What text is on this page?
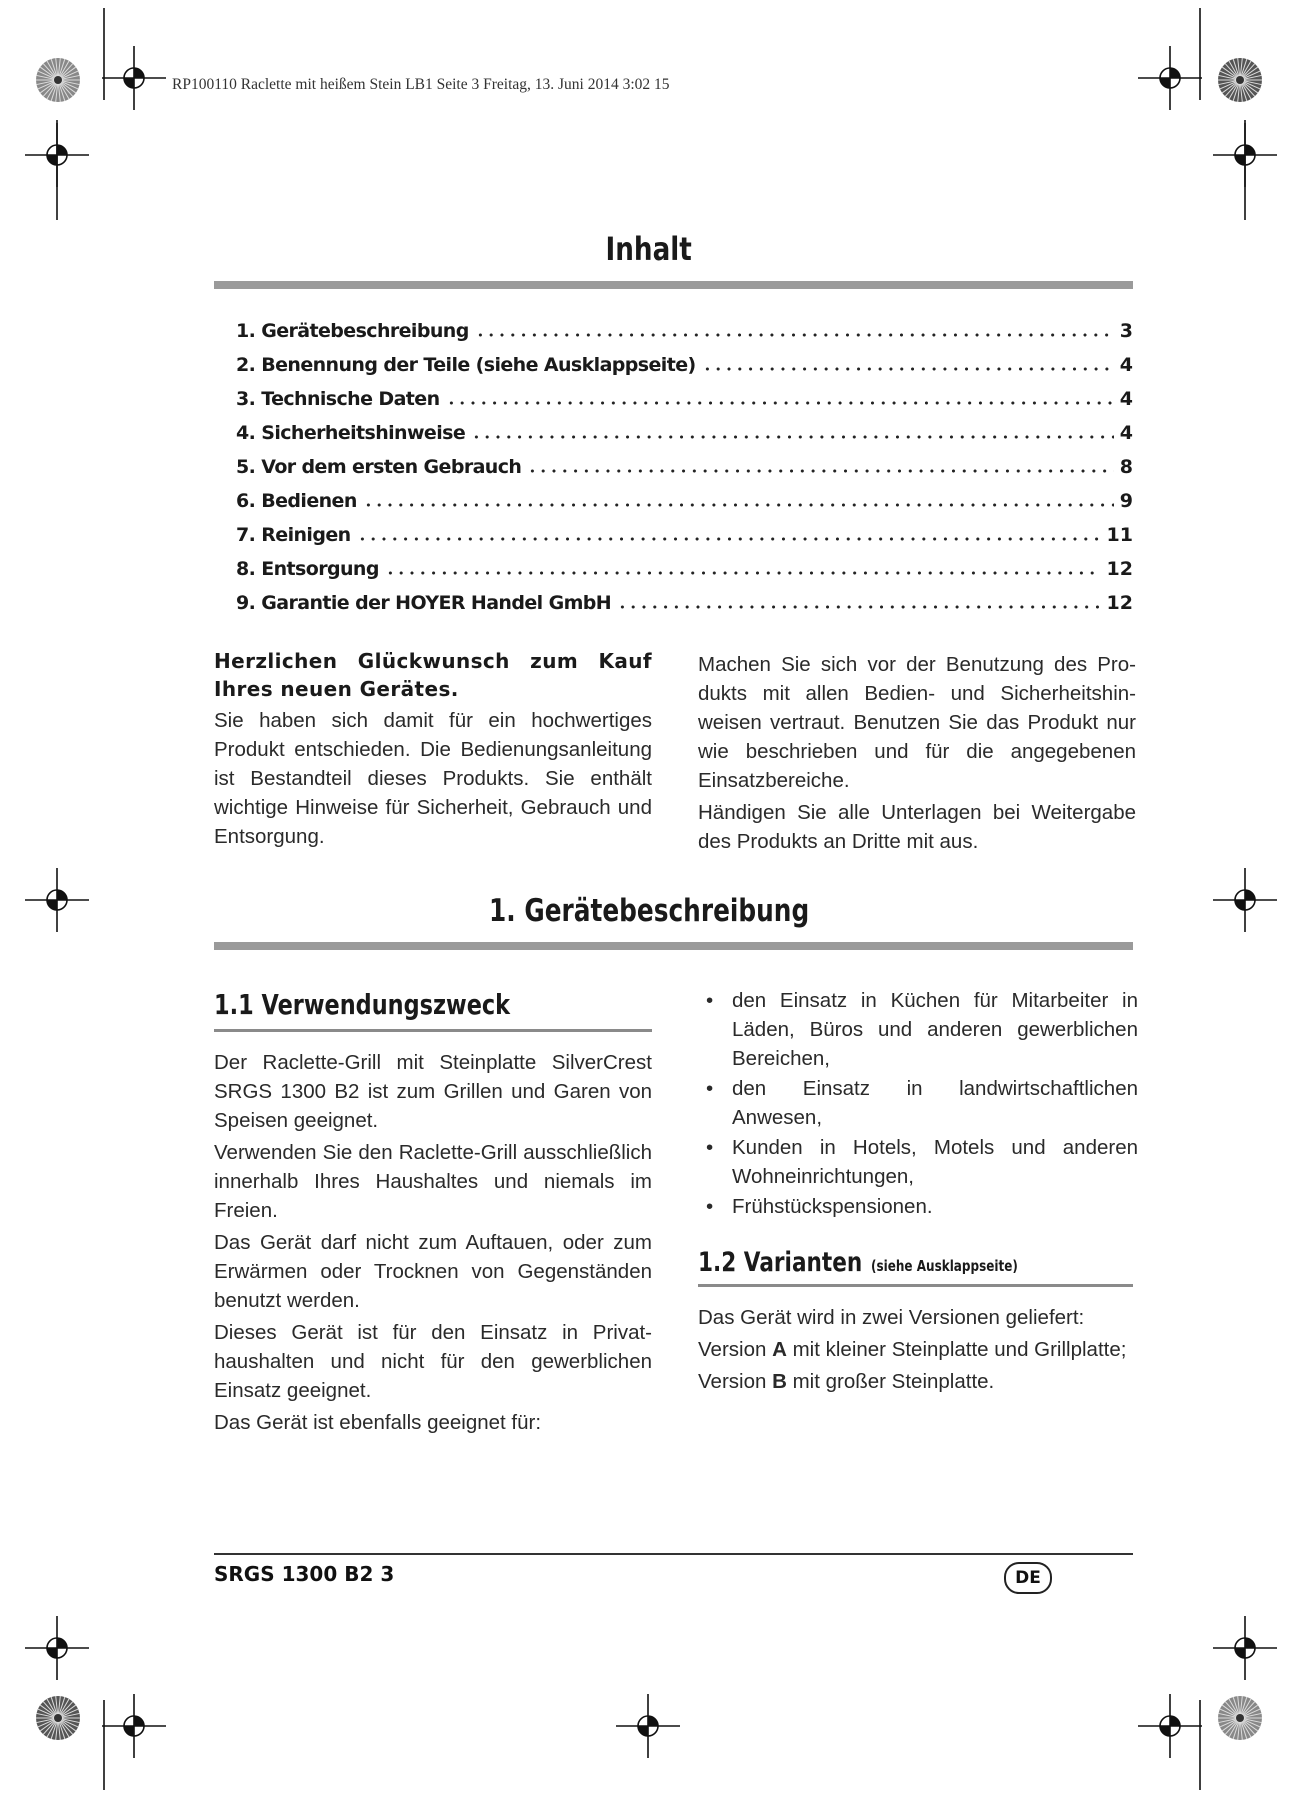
RP100110 Raclette mit heißem Stein LB1 Seite 3 Freitag, 13. Juni 2014 3:02 15
Inhalt
1. Gerätebeschreibung	3
2. Benennung der Teile (siehe Ausklappseite)	4
3. Technische Daten	4
4. Sicherheitshinweise	4
5. Vor dem ersten Gebrauch	8
6. Bedienen	9
7. Reinigen	11
8. Entsorgung	12
9. Garantie der HOYER Handel GmbH	12

Herzlichen Glückwunsch zum Kauf Ihres neuen Gerätes.

Sie haben sich damit für ein hochwertiges Produkt entschieden. Die Bedienungsanleitung ist Bestandteil dieses Produkts. Sie enthält wichtige Hinweise für Sicherheit, Gebrauch und Entsorgung.

Machen Sie sich vor der Benutzung des Produkts mit allen Bedien- und Sicherheitshinweisen vertraut. Benutzen Sie das Produkt nur wie beschrieben und für die angegebenen Einsatzbereiche.

Händigen Sie alle Unterlagen bei Weitergabe des Produkts an Dritte mit aus.

1. Gerätebeschreibung
1.1 Verwendungszweck

Der Raclette-Grill mit Steinplatte SilverCrest SRGS 1300 B2 ist zum Grillen und Garen von Speisen geeignet.

Verwenden Sie den Raclette-Grill ausschließlich innerhalb Ihres Haushaltes und niemals im Freien.

Das Gerät darf nicht zum Auftauen, oder zum Erwärmen oder Trocknen von Gegenständen benutzt werden.

Dieses Gerät ist für den Einsatz in Privathaushalten und nicht für den gewerblichen Einsatz geeignet.

Das Gerät ist ebenfalls geeignet für:

• den Einsatz in Küchen für Mitarbeiter in Läden, Büros und anderen gewerblichen Bereichen,
• den Einsatz in landwirtschaftlichen Anwesen,
• Kunden in Hotels, Motels und anderen Wohneinrichtungen,
• Frühstückspensionen.
1.2 Varianten (siehe Ausklappseite)

Das Gerät wird in zwei Versionen geliefert:

Version A mit kleiner Steinplatte und Grillplatte;

Version B mit großer Steinplatte.

SRGS 1300 B2 3	DE
